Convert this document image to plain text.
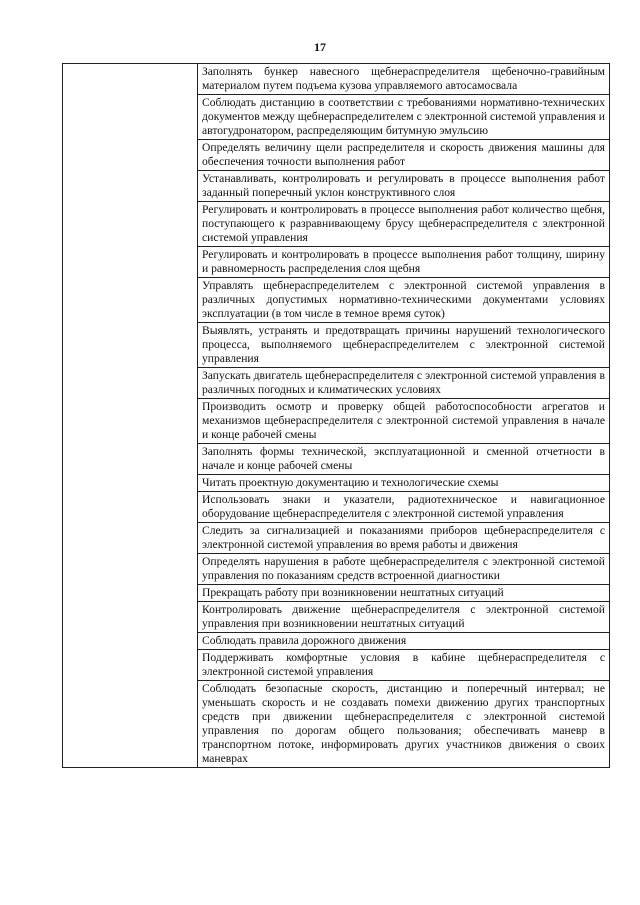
17

Заполнять бункер навесного щебнераспределителя щебеночно-гравийным материалом путем подъема кузова управляемого автосамосвала

Соблюдать дистанцию в соответствии с требованиями нормативно-технических документов между щебнераспределителем с электронной системой управления и автогудронатором, распределяющим битумную эмульсию

Определять величину щели распределителя и скорость движения машины для обеспечения точности выполнения работ

Устанавливать, контролировать и регулировать в процессе выполнения работ заданный поперечный уклон конструктивного слоя

Регулировать и контролировать в процессе выполнения работ количество щебня, поступающего к разравнивающему брусу щебнераспределителя с электронной системой управления

Регулировать и контролировать в процессе выполнения работ толщину, ширину и равномерность распределения слоя щебня

Управлять щебнераспределителем с электронной системой управления в различных допустимых нормативно-техническими документами условиях эксплуатации (в том числе в темное время суток)

Выявлять, устранять и предотвращать причины нарушений технологического процесса, выполняемого щебнераспределителем с электронной системой управления

Запускать двигатель щебнераспределителя с электронной системой управления в различных погодных и климатических условиях

Производить осмотр и проверку общей работоспособности агрегатов и механизмов щебнераспределителя с электронной системой управления в начале и конце рабочей смены

Заполнять формы технической, эксплуатационной и сменной отчетности в начале и конце рабочей смены

Читать проектную документацию и технологические схемы

Использовать знаки и указатели, радиотехническое и навигационное оборудование щебнераспределителя с электронной системой управления

Следить за сигнализацией и показаниями приборов щебнераспределителя с электронной системой управления во время работы и движения

Определять нарушения в работе щебнераспределителя с электронной системой управления по показаниям средств встроенной диагностики

Прекращать работу при возникновении нештатных ситуаций

Контролировать движение щебнераспределителя с электронной системой управления при возникновении нештатных ситуаций

Соблюдать правила дорожного движения

Поддерживать комфортные условия в кабине щебнераспределителя с электронной системой управления

Соблюдать безопасные скорость, дистанцию и поперечный интервал; не уменьшать скорость и не создавать помехи движению других транспортных средств при движении щебнераспределителя с электронной системой управления по дорогам общего пользования; обеспечивать маневр в транспортном потоке, информировать других участников движения о своих маневрах
